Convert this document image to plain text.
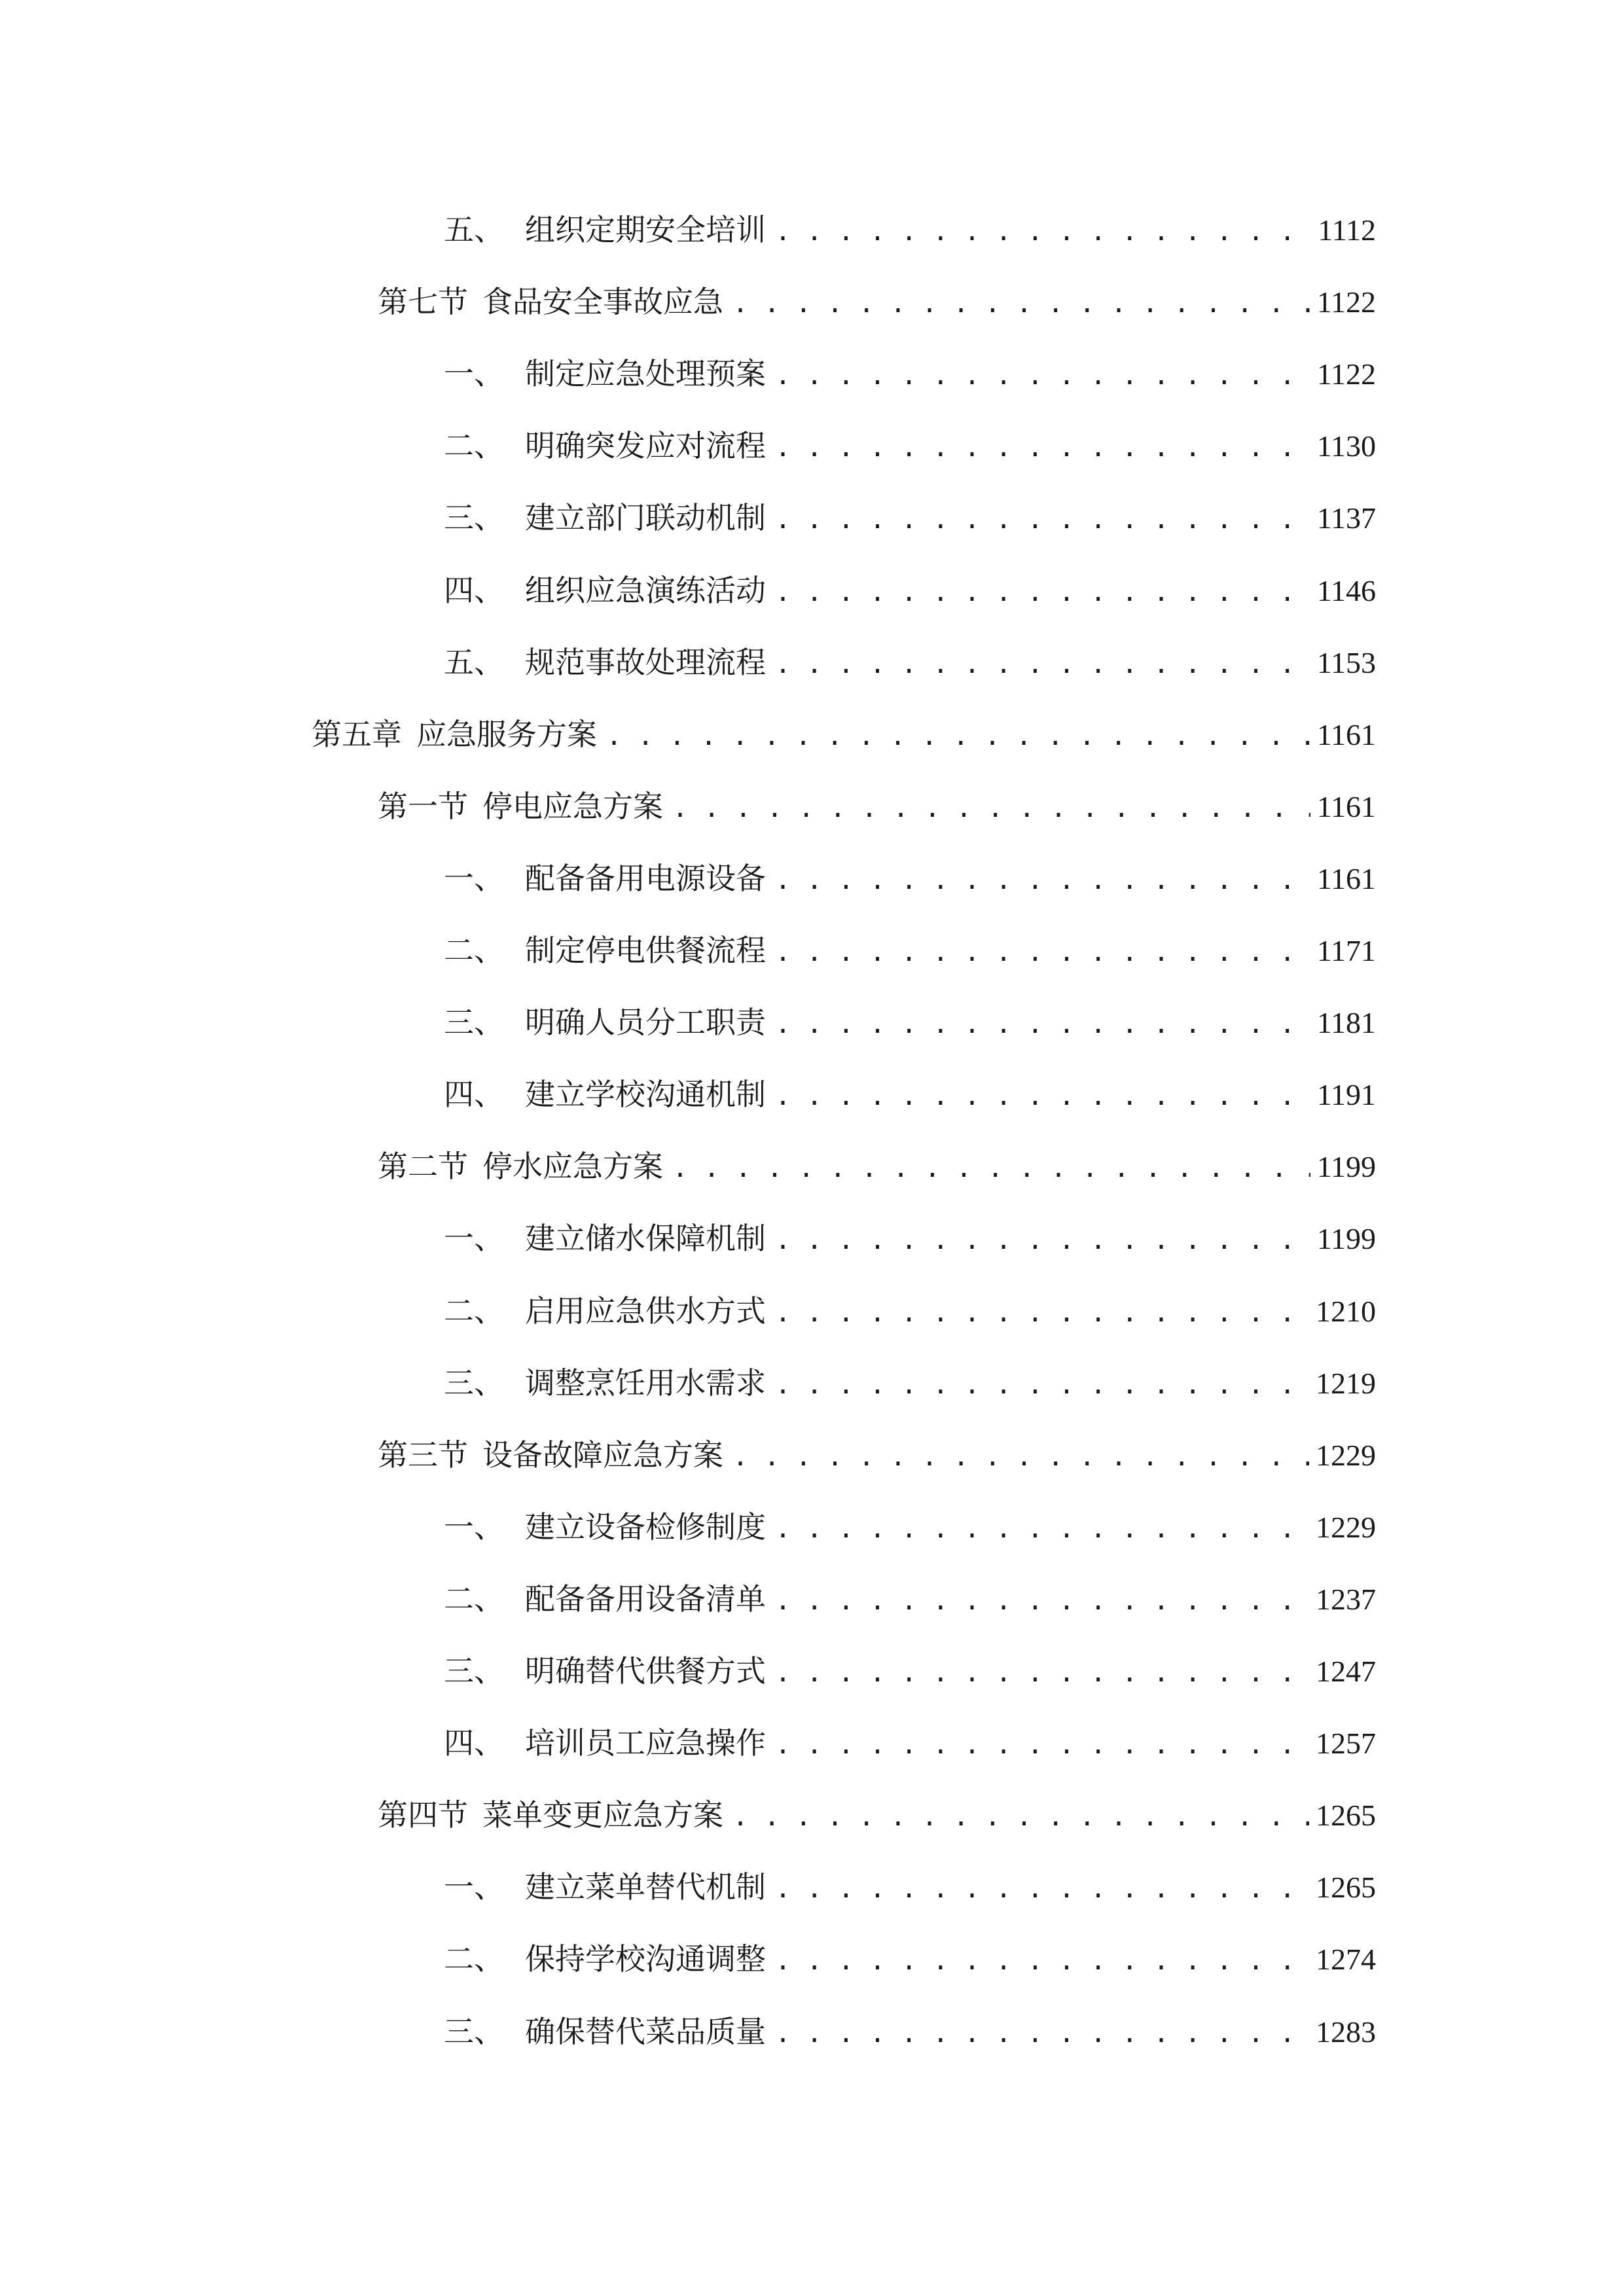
五、 组织定期安全培训 . . .	1112
第七节 食品安全事故应急 . . .	1122
一、 制定应急处理预案 . . .	1122
二、 明确突发应对流程 . . .	1130
三、 建立部门联动机制 . . .	1137
四、 组织应急演练活动 . . .	1146
五、 规范事故处理流程 . . .	1153
第五章 应急服务方案 . . .	1161
第一节 停电应急方案 . . .	1161
一、 配备备用电源设备 . . .	1161
二、 制定停电供餐流程 . . .	1171
三、 明确人员分工职责 . . .	1181
四、 建立学校沟通机制 . . .	1191
第二节 停水应急方案 . . .	1199
一、 建立储水保障机制 . . .	1199
二、 启用应急供水方式 . . .	1210
三、 调整烹饪用水需求 . . .	1219
第三节 设备故障应急方案 . . .	1229
一、 建立设备检修制度 . . .	1229
二、 配备备用设备清单 . . .	1237
三、 明确替代供餐方式 . . .	1247
四、 培训员工应急操作 . . .	1257
第四节 菜单变更应急方案 . . .	1265
一、 建立菜单替代机制 . . .	1265
二、 保持学校沟通调整 . . .	1274
三、 确保替代菜品质量 . . .	1283
